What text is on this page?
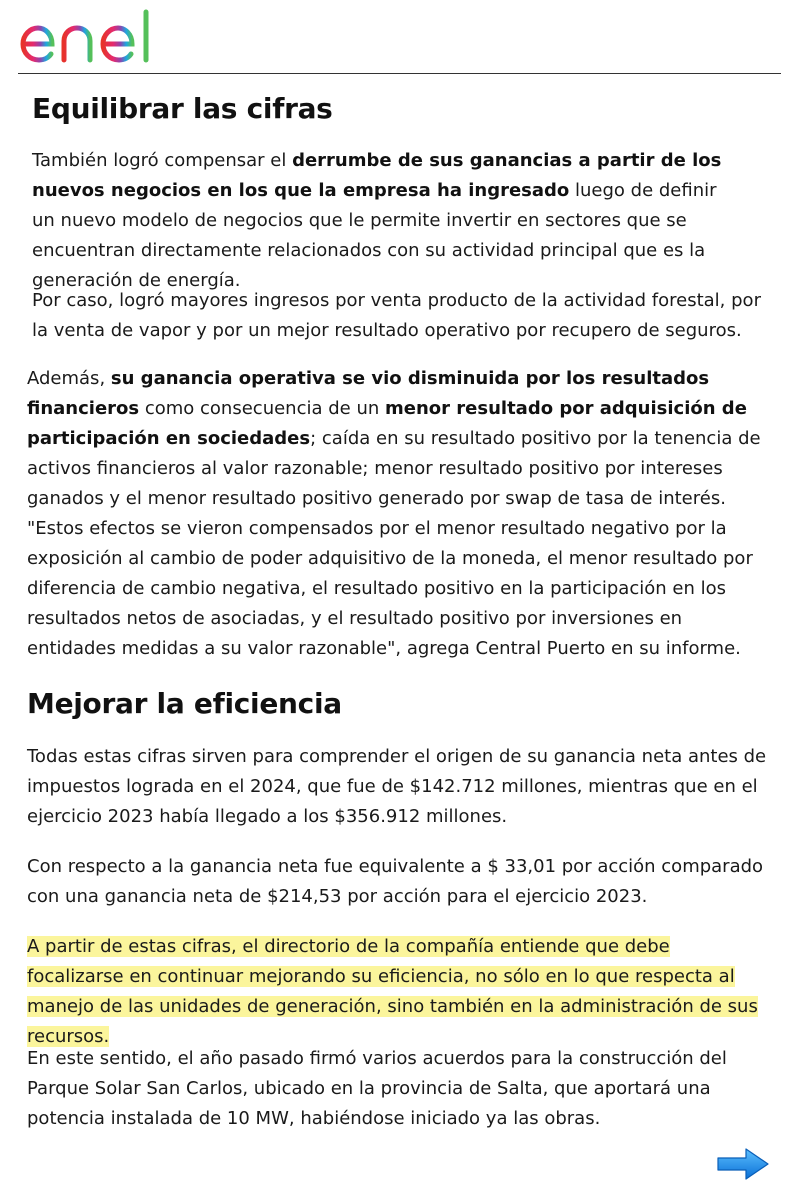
Equilibrar las cifras

También logró compensar el derrumbe de sus ganancias a partir de los nuevos negocios en los que la empresa ha ingresado luego de definir un nuevo modelo de negocios que le permite invertir en sectores que se encuentran directamente relacionados con su actividad principal que es la generación de energía.

Por caso, logró mayores ingresos por venta producto de la actividad forestal, por la venta de vapor y por un mejor resultado operativo por recupero de seguros.

Además, su ganancia operativa se vio disminuida por los resultados financieros como consecuencia de un menor resultado por adquisición de participación en sociedades; caída en su resultado positivo por la tenencia de activos financieros al valor razonable; menor resultado positivo por intereses ganados y el menor resultado positivo generado por swap de tasa de interés. "Estos efectos se vieron compensados por el menor resultado negativo por la exposición al cambio de poder adquisitivo de la moneda, el menor resultado por diferencia de cambio negativa, el resultado positivo en la participación en los resultados netos de asociadas, y el resultado positivo por inversiones en entidades medidas a su valor razonable", agrega Central Puerto en su informe.

Mejorar la eficiencia

Todas estas cifras sirven para comprender el origen de su ganancia neta antes de impuestos lograda en el 2024, que fue de $142.712 millones, mientras que en el ejercicio 2023 había llegado a los $356.912 millones.

Con respecto a la ganancia neta fue equivalente a $ 33,01 por acción comparado con una ganancia neta de $214,53 por acción para el ejercicio 2023.

A partir de estas cifras, el directorio de la compañía entiende que debe focalizarse en continuar mejorando su eficiencia, no sólo en lo que respecta al manejo de las unidades de generación, sino también en la administración de sus recursos.

En este sentido, el año pasado firmó varios acuerdos para la construcción del Parque Solar San Carlos, ubicado en la provincia de Salta, que aportará una potencia instalada de 10 MW, habiéndose iniciado ya las obras.
